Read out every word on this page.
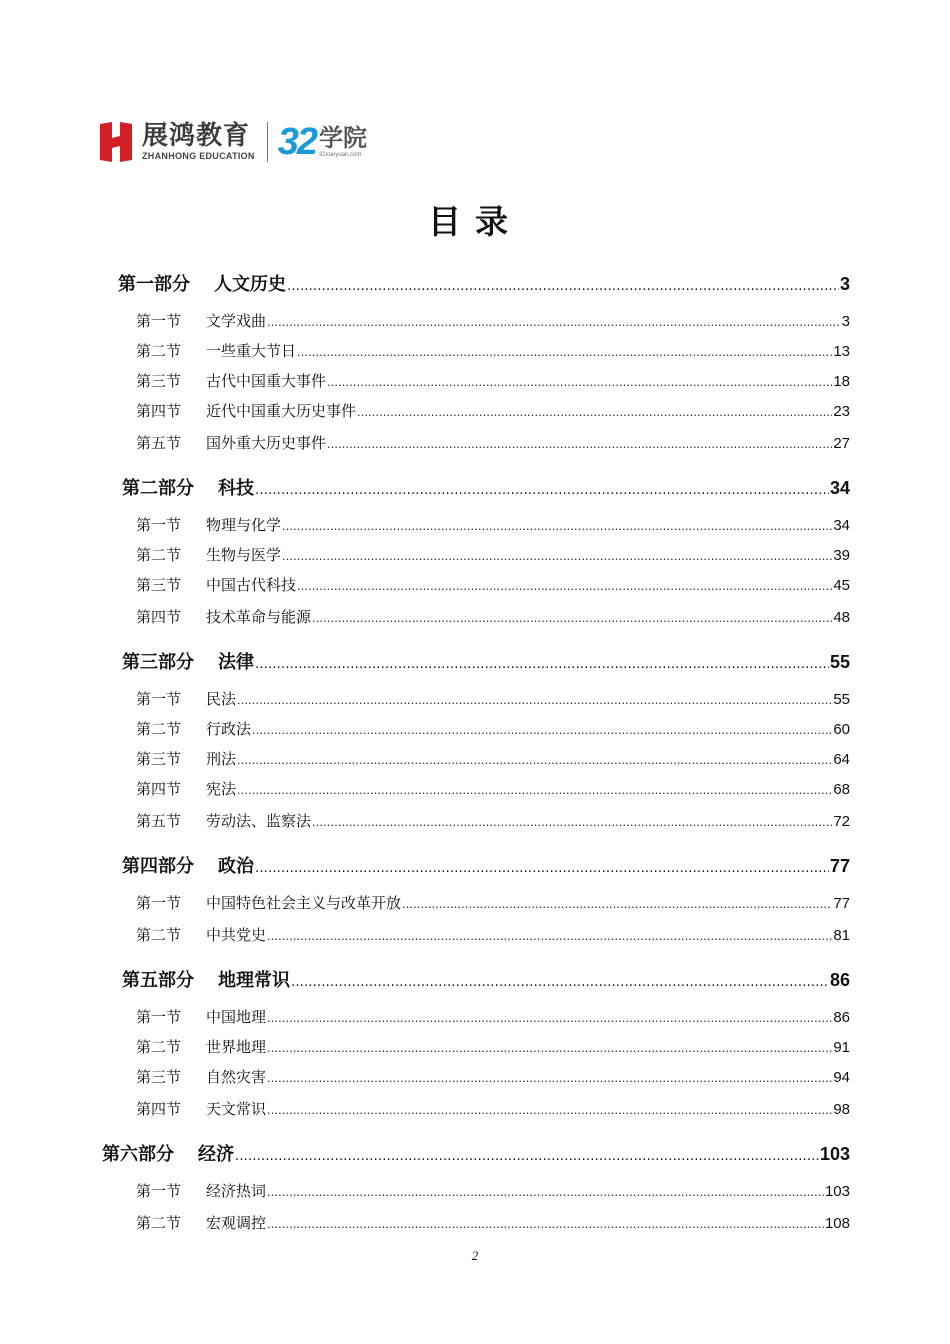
展鸿教育
ZHANHONG EDUCATION 32 学院
32xueyuan.com
目录
第一部分 人文历史 .....	3
第一节 文学戏曲 .....	3
第二节 一些重大节日 .....	13
第三节 古代中国重大事件 .....	18
第四节 近代中国重大历史事件 .....	23
第五节 国外重大历史事件 .....	27
第二部分 科技 .....	34
第一节 物理与化学 .....	34
第二节 生物与医学 .....	39
第三节 中国古代科技 .....	45
第四节 技术革命与能源 .....	48
第三部分 法律 .....	55
第一节 民法 .....	55
第二节 行政法 .....	60
第三节 刑法 .....	64
第四节 宪法 .....	68
第五节 劳动法、监察法 .....	72
第四部分 政治 .....	77
第一节 中国特色社会主义与改革开放 .....	77
第二节 中共党史 .....	81
第五部分 地理常识 .....	86
第一节 中国地理 .....	86
第二节 世界地理 .....	91
第三节 自然灾害 .....	94
第四节 天文常识 .....	98
第六部分 经济 .....	103
第一节 经济热词 .....	103
第二节 宏观调控 .....	108
2
